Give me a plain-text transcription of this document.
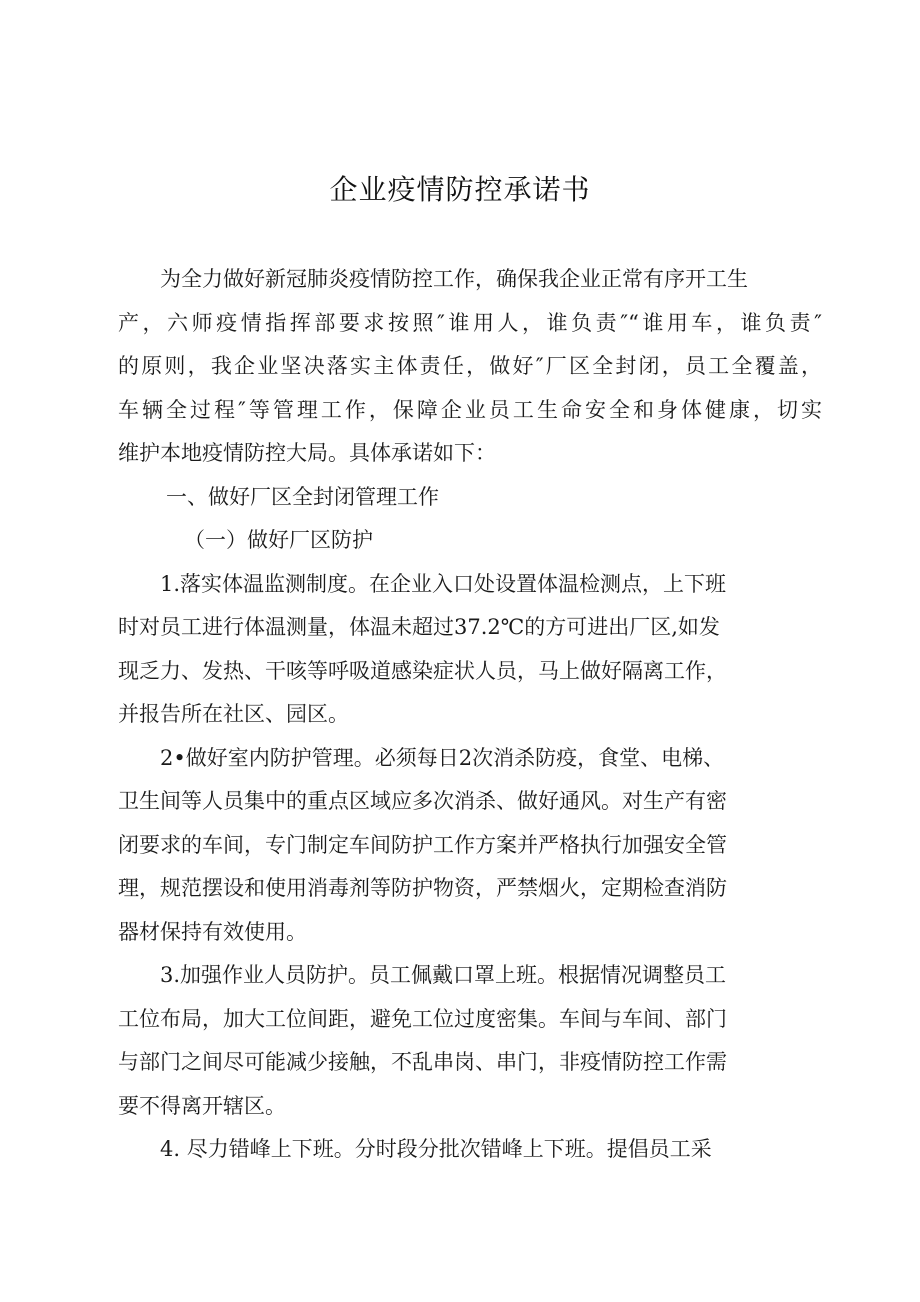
企业疫情防控承诺书
为全力做好新冠肺炎疫情防控工作，确保我企业正常有序开工生
产，六师疫情指挥部要求按照″谁用人，谁负责″“谁用车，谁负责″
的原则，我企业坚决落实主体责任，做好″厂区全封闭，员工全覆盖，
车辆全过程″等管理工作，保障企业员工生命安全和身体健康，切实
维护本地疫情防控大局。具体承诺如下：
一、做好厂区全封闭管理工作
（一）做好厂区防护
1.落实体温监测制度。在企业入口处设置体温检测点，上下班
时对员工进行体温测量，体温未超过37.2℃的方可进出厂区,如发
现乏力、发热、干咳等呼吸道感染症状人员，马上做好隔离工作，
并报告所在社区、园区。
2•做好室内防护管理。必须每日2次消杀防疫，食堂、电梯、
卫生间等人员集中的重点区域应多次消杀、做好通风。对生产有密
闭要求的车间，专门制定车间防护工作方案并严格执行加强安全管
理，规范摆设和使用消毒剂等防护物资，严禁烟火，定期检查消防
器材保持有效使用。
3.加强作业人员防护。员工佩戴口罩上班。根据情况调整员工
工位布局，加大工位间距，避免工位过度密集。车间与车间、部门
与部门之间尽可能减少接触，不乱串岗、串门，非疫情防控工作需
要不得离开辖区。
4. 尽力错峰上下班。分时段分批次错峰上下班。提倡员工采
